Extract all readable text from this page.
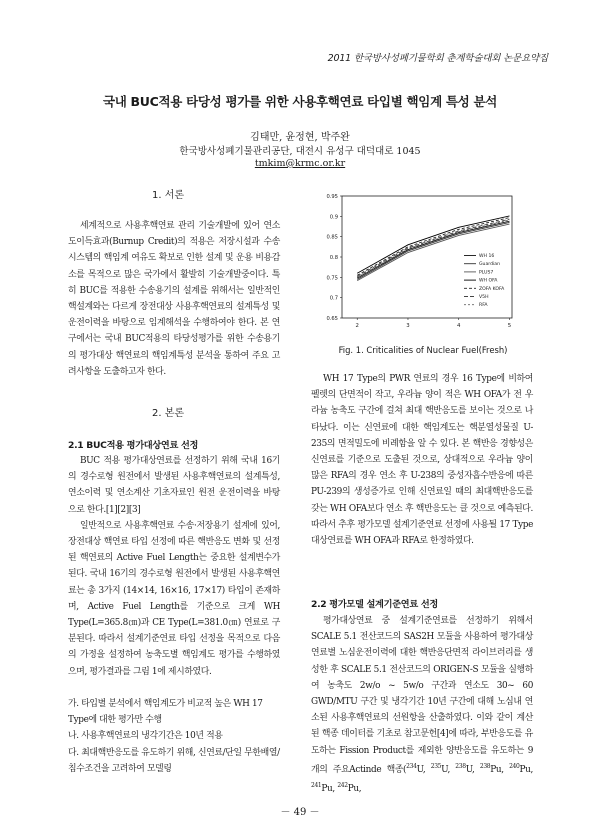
2011 한국방사성폐기물학회 춘계학술대회 논문요약집
국내 BUC적용 타당성 평가를 위한 사용후핵연료 타입별 핵임계 특성 분석
김태만, 윤정현, 박주완
한국방사성폐기물관리공단, 대전시 유성구 대덕대로 1045
tmkim@krmc.or.kr
1. 서론

세계적으로 사용후핵연료 관리 기술개발에 있어 연소도이득효과(Burnup Credit)의 적용은 저장시설과 수송시스템의 핵임계 여유도 확보로 인한 설계 및 운용 비용감소를 목적으로 많은 국가에서 활발히 기술개발중이다. 특히 BUC를 적용한 수송용기의 설계를 위해서는 일반적인 핵설계와는 다르게 장전대상 사용후핵연료의 설계특성 및 운전이력을 바탕으로 임계해석을 수행하여야 한다. 본 연구에서는 국내 BUC적용의 타당성평가를 위한 수송용기의 평가대상 핵연료의 핵임계특성 분석을 통하여 주요 고려사항을 도출하고자 한다.

2. 본론
2.1 BUC적용 평가대상연료 선정

BUC 적용 평가대상연료를 선정하기 위해 국내 16기의 경수로형 원전에서 발생된 사용후핵연료의 설계특성, 연소이력 및 연소계산 기초자료인 원전 운전이력을 바탕으로 한다.[1][2][3]

일반적으로 사용후핵연료 수송·저장용기 설계에 있어, 장전대상 핵연료 타입 선정에 따른 핵반응도 변화 및 선정된 핵연료의 Active Fuel Length는 중요한 설계변수가 된다. 국내 16기의 경수로형 원전에서 발생된 사용후핵연료는 총 3가지 (14×14, 16×16, 17×17) 타입이 존재하며, Active Fuel Length를 기준으로 크게 WH Type(L=365.8㎝)과 CE Type(L=381.0㎝) 연료로 구분된다. 따라서 설계기준연료 타입 선정을 목적으로 다음의 가정을 설정하여 농축도별 핵임계도 평가를 수행하였으며, 평가결과를 그림 1에 제시하였다.

가. 타입별 분석에서 핵임계도가 비교적 높은 WH 17 Type에 대한 평가만 수행

나. 사용후핵연료의 냉각기간은 10년 적용

다. 최대핵반응도를 유도하기 위해, 신연료/단일 무한배열/침수조건을 고려하여 모델링

0.95
0.9
0.85
0.8
0.75
0.7
0.65
2	3	4	5
WH 16
Guardian
PLUS7
WH OFA
ZOFA KOFA
V5H
RFA
Fig. 1. Criticalities of Nuclear Fuel(Fresh)

WH 17 Type의 PWR 연료의 경우 16 Type에 비하여 펠렛의 단면적이 작고, 우라늄 양이 적은 WH OFA가 전 우라늄 농축도 구간에 걸쳐 최대 핵반응도를 보이는 것으로 나타났다. 이는 신연료에 대한 핵임계도는 핵분열성물질 U-235의 면적밀도에 비례함을 알 수 있다. 본 핵반응 경향성은 신연료를 기준으로 도출된 것으로, 상대적으로 우라늄 양이 많은 RFA의 경우 연소 후 U-238의 중성자흡수반응에 따른 PU-239의 생성증가로 인해 신연료일 때의 최대핵반응도를 갖는 WH OFA보다 연소 후 핵반응도는 클 것으로 예측된다. 따라서 추후 평가모델 설계기준연료 선정에 사용될 17 Type 대상연료를 WH OFA과 RFA로 한정하였다.

2.2 평가모델 설계기준연료 선정

평가대상연료 중 설계기준연료를 선정하기 위해서 SCALE 5.1 전산코드의 SAS2H 모듈을 사용하여 평가대상연료별 노심운전이력에 대한 핵반응단면적 라이브러리를 생성한 후 SCALE 5.1 전산코드의 ORIGEN-S 모듈을 실행하여 농축도 2w/o ~ 5w/o 구간과 연소도 30~ 60 GWD/MTU 구간 및 냉각기간 10년 구간에 대해 노심내 연소된 사용후핵연료의 선원항을 산출하였다. 이와 같이 계산된 핵종 데이터를 기초로 참고문헌[4]에 따라, 부반응도를 유도하는 Fission Product를 제외한 양반응도를 유도하는 9개의 주요Actinde 핵종($^{234}$U, $^{235}$U, $^{238}$U, $^{238}$Pu, $^{240}$Pu, $^{241}$Pu, $^{242}$Pu,

－ 49 －
